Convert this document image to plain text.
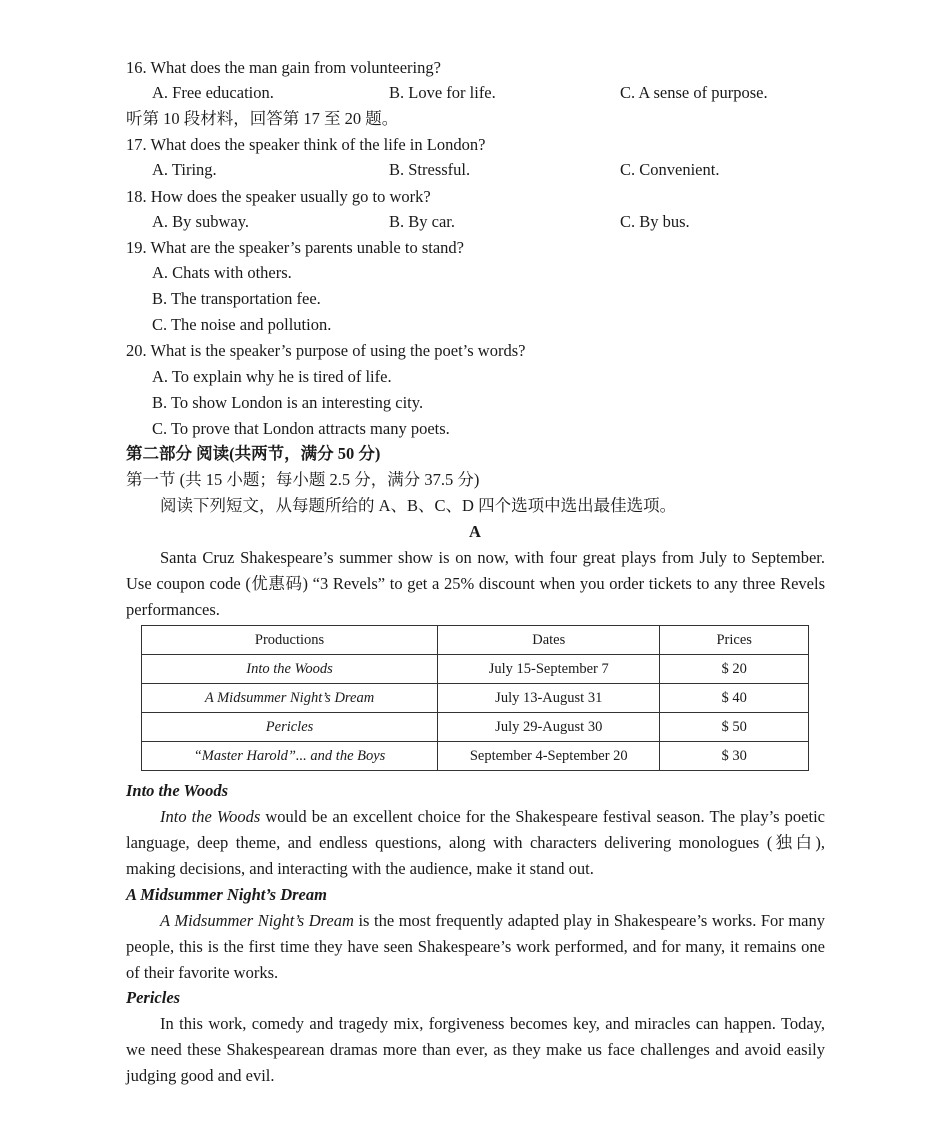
16. What does the man gain from volunteering?
A. Free education.	B. Love for life.	C. A sense of purpose.
听第 10 段材料，回答第 17 至 20 题。
17. What does the speaker think of the life in London?
A. Tiring.	B. Stressful.	C. Convenient.
18. How does the speaker usually go to work?
A. By subway.	B. By car.	C. By bus.
19. What are the speaker’s parents unable to stand?
A. Chats with others.
B. The transportation fee.
C. The noise and pollution.
20. What is the speaker’s purpose of using the poet’s words?
A. To explain why he is tired of life.
B. To show London is an interesting city.
C. To prove that London attracts many poets.
第二部分 阅读(共两节，满分 50 分)
第一节 (共 15 小题；每小题 2.5 分，满分 37.5 分)
阅读下列短文，从每题所给的 A、B、C、D 四个选项中选出最佳选项。
A
Santa Cruz Shakespeare’s summer show is on now, with four great plays from July to September. Use coupon code (优惠码) “3 Revels” to get a 25% discount when you order tickets to any three Revels performances.
Productions	Dates	Prices
Into the Woods	July 15-September 7	$ 20
A Midsummer Night’s Dream	July 13-August 31	$ 40
Pericles	July 29-August 30	$ 50
“Master Harold”... and the Boys	September 4-September 20	$ 30
Into the Woods
Into the Woods would be an excellent choice for the Shakespeare festival season. The play’s poetic language, deep theme, and endless questions, along with characters delivering monologues (独白), making decisions, and interacting with the audience, make it stand out.
A Midsummer Night’s Dream
A Midsummer Night’s Dream is the most frequently adapted play in Shakespeare’s works. For many people, this is the first time they have seen Shakespeare’s work performed, and for many, it remains one of their favorite works.
Pericles
In this work, comedy and tragedy mix, forgiveness becomes key, and miracles can happen. Today, we need these Shakespearean dramas more than ever, as they make us face challenges and avoid easily judging good and evil.
